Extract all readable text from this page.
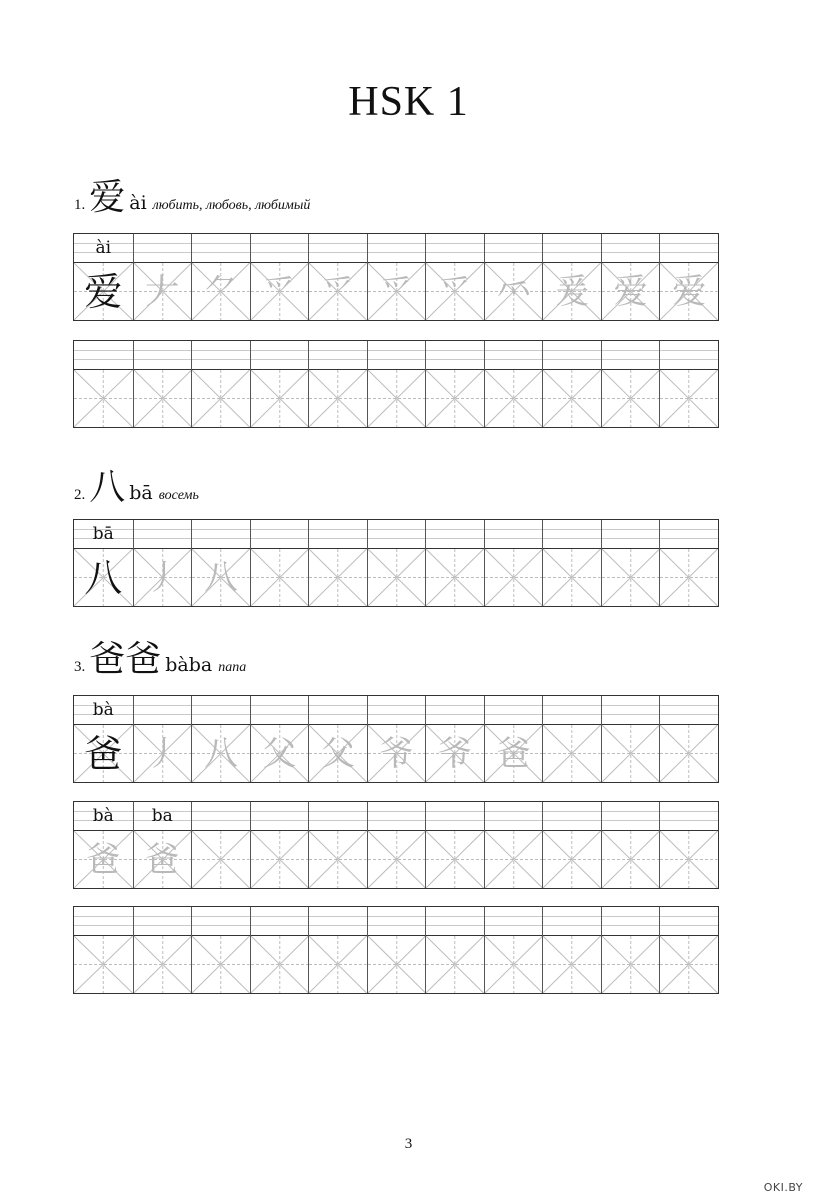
HSK 1
1. 爱 ài любить, любовь, любимый
ài
爱 𠂇 ⺈ 爫 爫 爫 爫 ⺤ 爰 爱 爱
2. 八 bā восемь
bā
八 丿 八
3. 爸爸 bàba папа
bà
爸 丿 八 父 父 爷 爷 爸
bà
爸
ba
爸
3
OKI.BY
